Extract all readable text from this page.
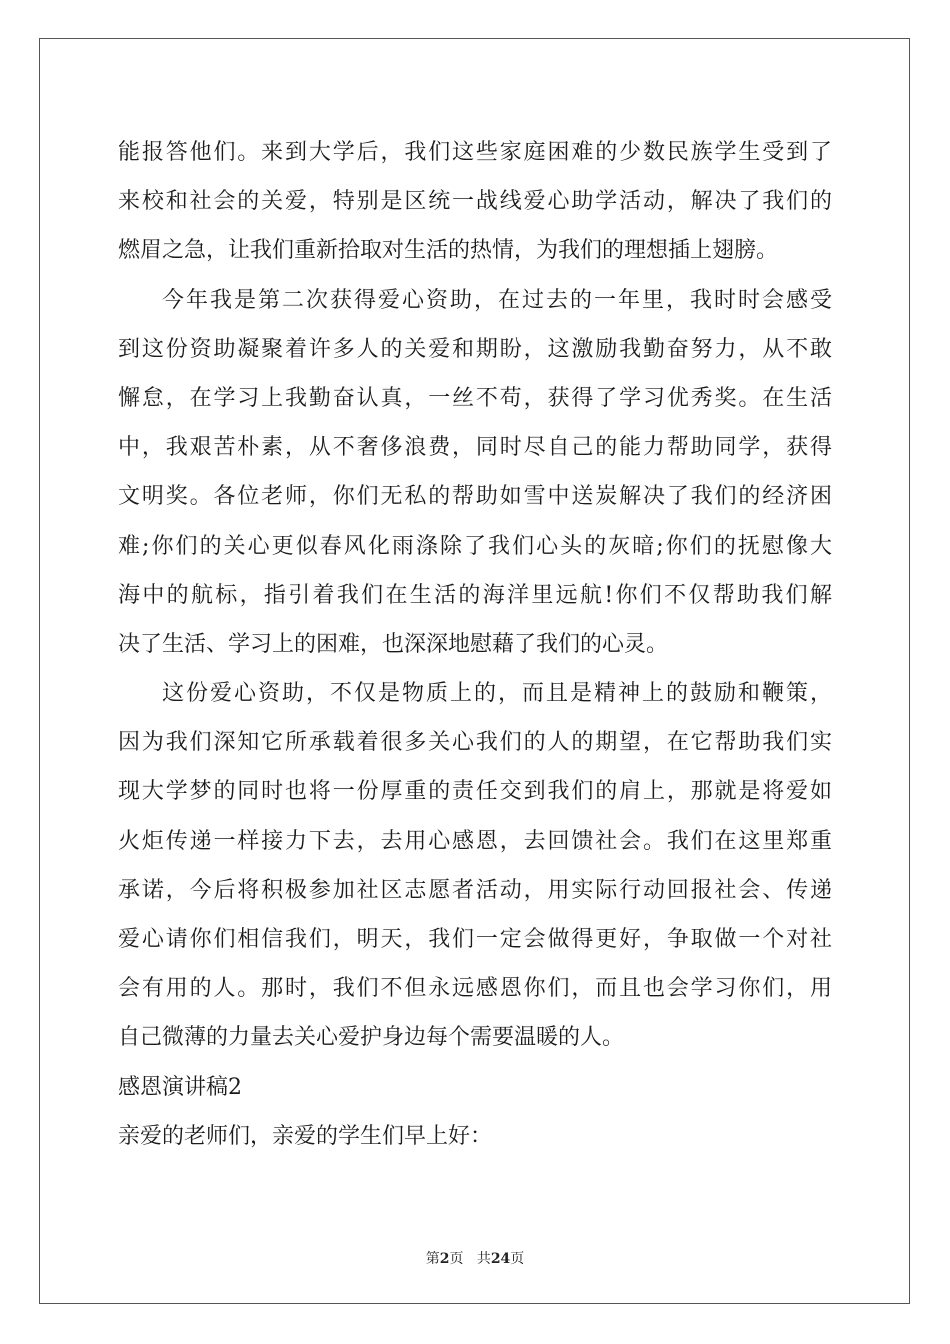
能报答他们。来到大学后，我们这些家庭困难的少数民族学生受到了
来校和社会的关爱，特别是区统一战线爱心助学活动，解决了我们的
燃眉之急，让我们重新拾取对生活的热情，为我们的理想插上翅膀。
今年我是第二次获得爱心资助，在过去的一年里，我时时会感受
到这份资助凝聚着许多人的关爱和期盼，这激励我勤奋努力，从不敢
懈怠，在学习上我勤奋认真，一丝不苟，获得了学习优秀奖。在生活
中，我艰苦朴素，从不奢侈浪费，同时尽自己的能力帮助同学，获得
文明奖。各位老师，你们无私的帮助如雪中送炭解决了我们的经济困
难;你们的关心更似春风化雨涤除了我们心头的灰暗;你们的抚慰像大
海中的航标，指引着我们在生活的海洋里远航!你们不仅帮助我们解
决了生活、学习上的困难，也深深地慰藉了我们的心灵。
这份爱心资助，不仅是物质上的，而且是精神上的鼓励和鞭策，
因为我们深知它所承载着很多关心我们的人的期望，在它帮助我们实
现大学梦的同时也将一份厚重的责任交到我们的肩上，那就是将爱如
火炬传递一样接力下去，去用心感恩，去回馈社会。我们在这里郑重
承诺，今后将积极参加社区志愿者活动，用实际行动回报社会、传递
爱心请你们相信我们，明天，我们一定会做得更好，争取做一个对社
会有用的人。那时，我们不但永远感恩你们，而且也会学习你们，用
自己微薄的力量去关心爱护身边每个需要温暖的人。
感恩演讲稿2
亲爱的老师们，亲爱的学生们早上好：
第2页 共24页
